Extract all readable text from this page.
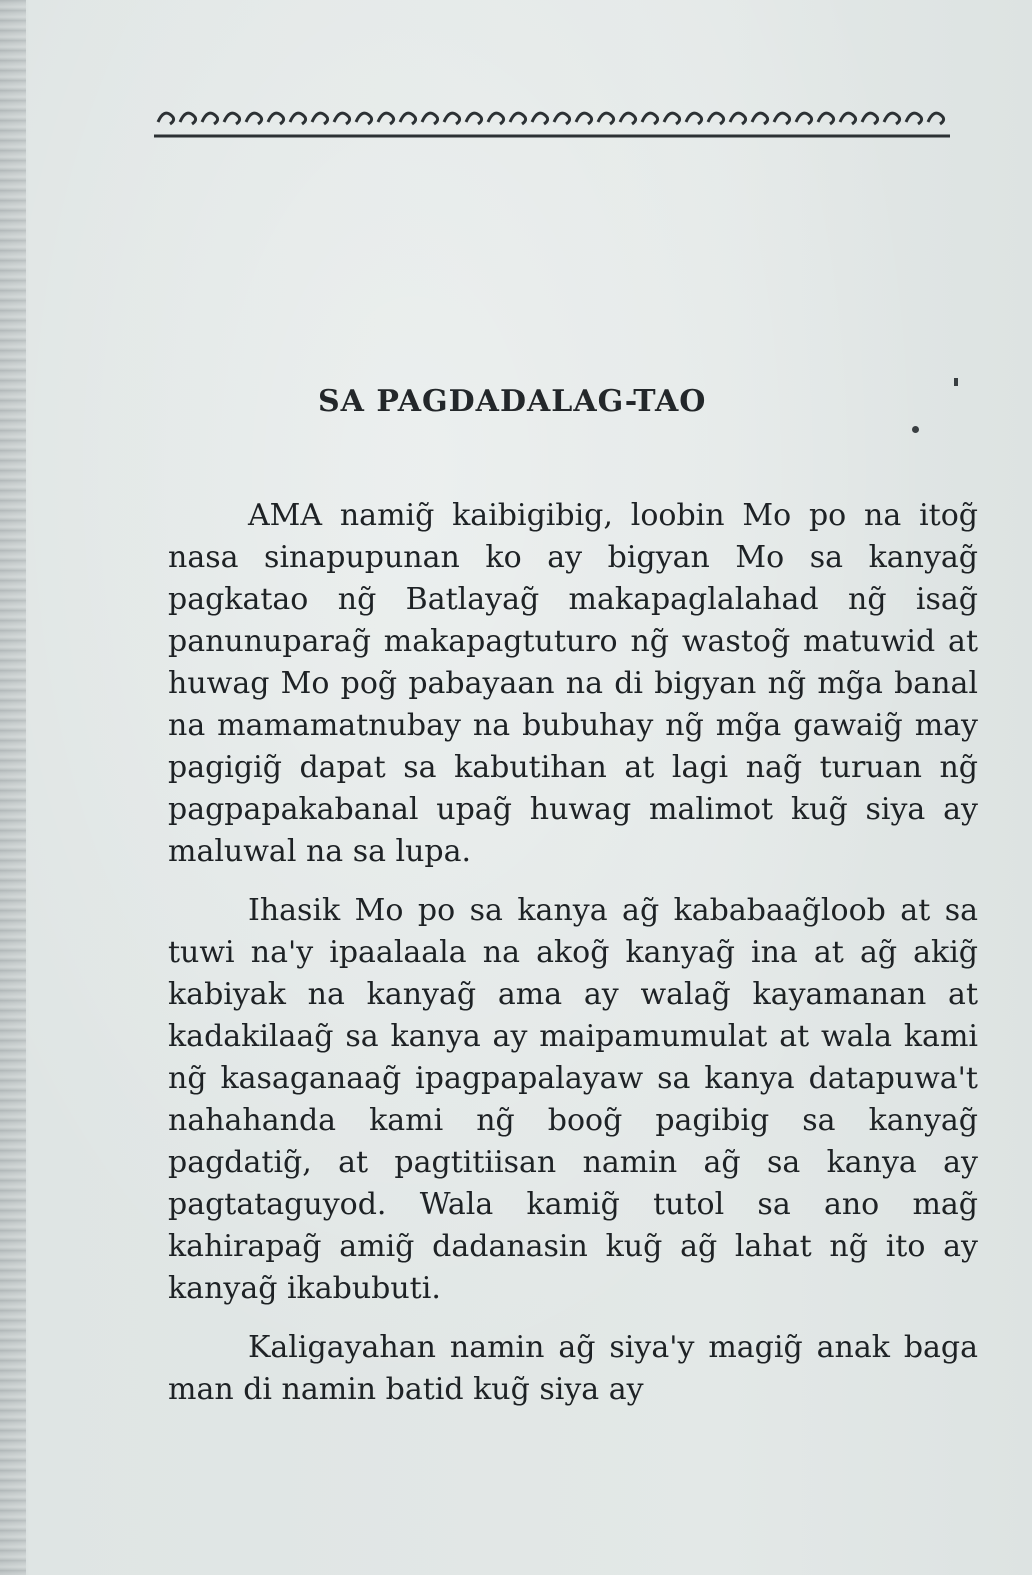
SA PAGDADALAG-TAO

AMA namig̃ kaibigibig, loobin Mo po na itog̃ nasa sinapupunan ko ay bigyan Mo sa kanyag̃ pagkatao ng̃ Batlayag̃ makapaglalahad ng̃ isag̃ panunuparag̃ makapagtuturo ng̃ wastog̃ matuwid at huwag Mo pog̃ pabayaan na di bigyan ng̃ mg̃a banal na mamamatnubay na bubuhay ng̃ mg̃a gawaig̃ may pagigig̃ dapat sa kabutihan at lagi nag̃ turuan ng̃ pagpapakabanal upag̃ huwag malimot kug̃ siya ay maluwal na sa lupa.

Ihasik Mo po sa kanya ag̃ kababaag̃loob at sa tuwi na'y ipaalaala na akog̃ kanyag̃ ina at ag̃ akig̃ kabiyak na kanyag̃ ama ay walag̃ kayamanan at kadakilaag̃ sa kanya ay maipamumulat at wala kami ng̃ kasaganaag̃ ipagpapalayaw sa kanya datapuwa't nahahanda kami ng̃ boog̃ pagibig sa kanyag̃ pagdatig̃, at pagtitiisan namin ag̃ sa kanya ay pagtataguyod. Wala kamig̃ tutol sa ano mag̃ kahirapag̃ amig̃ dadanasin kug̃ ag̃ lahat ng̃ ito ay kanyag̃ ikabubuti.

Kaligayahan namin ag̃ siya'y magig̃ anak baga man di namin batid kug̃ siya ay
